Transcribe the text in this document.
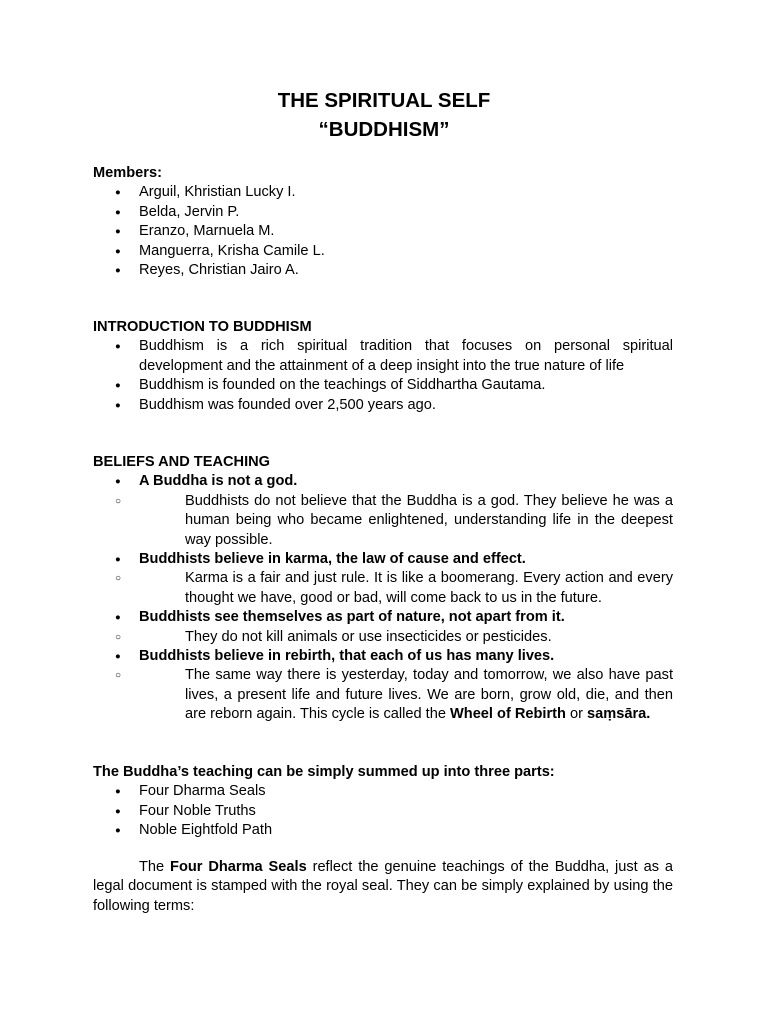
THE SPIRITUAL SELF
“BUDDHISM”
Members:
● Arguil, Khristian Lucky I.
● Belda, Jervin P.
● Eranzo, Marnuela M.
● Manguerra, Krisha Camile L.
● Reyes, Christian Jairo A.
INTRODUCTION TO BUDDHISM
● Buddhism is a rich spiritual tradition that focuses on personal spiritual development and the attainment of a deep insight into the true nature of life
● Buddhism is founded on the teachings of Siddhartha Gautama.
● Buddhism was founded over 2,500 years ago.
BELIEFS AND TEACHING
● A Buddha is not a god.
○ Buddhists do not believe that the Buddha is a god. They believe he was a human being who became enlightened, understanding life in the deepest way possible.
● Buddhists believe in karma, the law of cause and effect.
○ Karma is a fair and just rule. It is like a boomerang. Every action and every thought we have, good or bad, will come back to us in the future.
● Buddhists see themselves as part of nature, not apart from it.
○ They do not kill animals or use insecticides or pesticides.
● Buddhists believe in rebirth, that each of us has many lives.
○ The same way there is yesterday, today and tomorrow, we also have past lives, a present life and future lives. We are born, grow old, die, and then are reborn again. This cycle is called the Wheel of Rebirth or saṃsāra.
The Buddha’s teaching can be simply summed up into three parts:
● Four Dharma Seals
● Four Noble Truths
● Noble Eightfold Path
The Four Dharma Seals reflect the genuine teachings of the Buddha, just as a legal document is stamped with the royal seal. They can be simply explained by using the following terms:
